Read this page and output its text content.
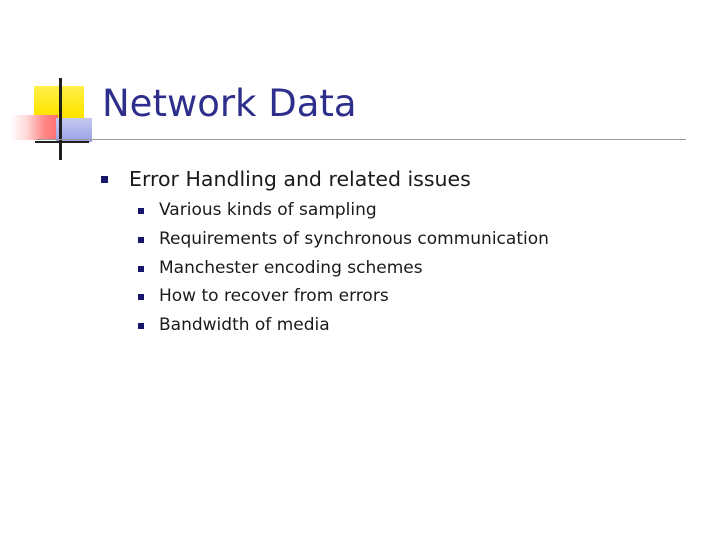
Network Data
Error Handling and related issues
Various kinds of sampling
Requirements of synchronous communication
Manchester encoding schemes
How to recover from errors
Bandwidth of media
